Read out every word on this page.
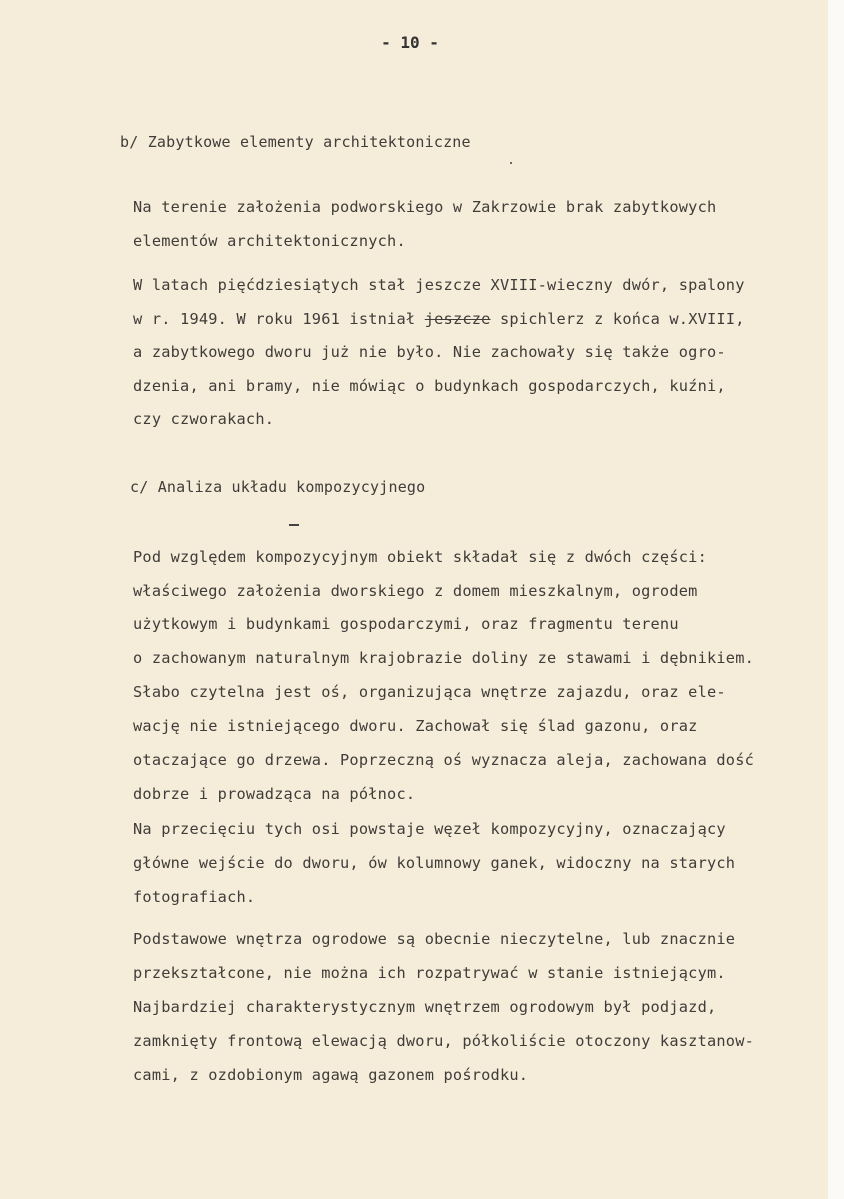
- 10 -
b/ Zabytkowe elementy architektoniczne
Na terenie założenia podworskiego w Zakrzowie brak zabytkowych
elementów architektonicznych.
W latach pięćdziesiątych stał jeszcze XVIII-wieczny dwór, spalony
w r. 1949. W roku 1961 istniał jeszcze spichlerz z końca w.XVIII,
a zabytkowego dworu już nie było. Nie zachowały się także ogro-
dzenia, ani bramy, nie mówiąc o budynkach gospodarczych, kuźni,
czy czworakach.
c/ Analiza układu kompozycyjnego
Pod względem kompozycyjnym obiekt składał się z dwóch części:
właściwego założenia dworskiego z domem mieszkalnym, ogrodem
użytkowym i budynkami gospodarczymi, oraz fragmentu terenu
o zachowanym naturalnym krajobrazie doliny ze stawami i dębnikiem.
Słabo czytelna jest oś, organizująca wnętrze zajazdu, oraz ele-
wację nie istniejącego dworu. Zachował się ślad gazonu, oraz
otaczające go drzewa. Poprzeczną oś wyznacza aleja, zachowana dość
dobrze i prowadząca na północ.
Na przecięciu tych osi powstaje węzeł kompozycyjny, oznaczający
główne wejście do dworu, ów kolumnowy ganek, widoczny na starych
fotografiach.
Podstawowe wnętrza ogrodowe są obecnie nieczytelne, lub znacznie
przekształcone, nie można ich rozpatrywać w stanie istniejącym.
Najbardziej charakterystycznym wnętrzem ogrodowym był podjazd,
zamknięty frontową elewacją dworu, półkoliście otoczony kasztanow-
cami, z ozdobionym agawą gazonem pośrodku.
